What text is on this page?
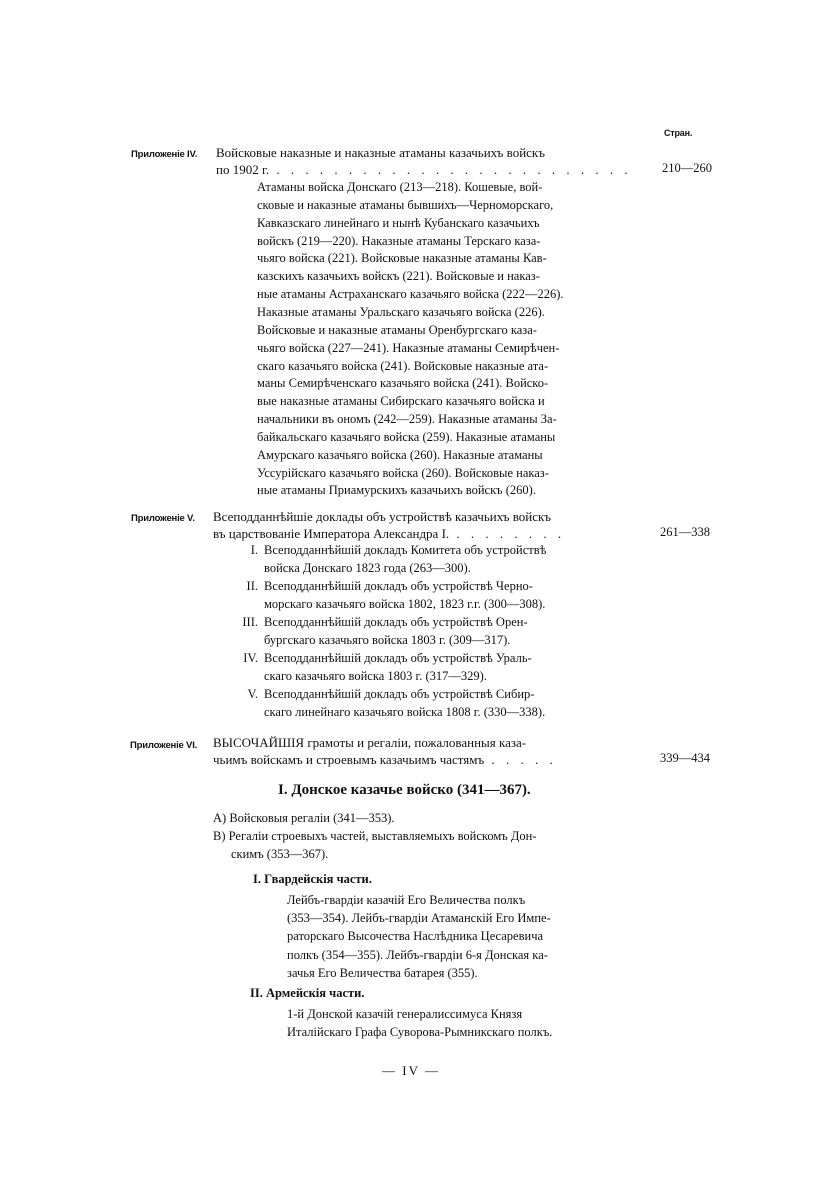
Стран.
Приложеніе IV. Войсковые наказные и наказные атаманы казачьихъ войскъ
по 1902 г. . . . . . . . . . . . . . . . . . . . . . . . . .	210—260
Атаманы войска Донскаго (213—218). Кошевые, вой-
сковые и наказные атаманы бывшихъ—Черноморскаго,
Кавказскаго линейнаго и нынѣ Кубанскаго казачьихъ
войскъ (219—220). Наказные атаманы Терскаго каза-
чьяго войска (221). Войсковые наказные атаманы Кав-
казскихъ казачьихъ войскъ (221). Войсковые и наказ-
ные атаманы Астраханскаго казачьяго войска (222—226).
Наказные атаманы Уральскаго казачьяго войска (226).
Войсковые и наказные атаманы Оренбургскаго каза-
чьяго войска (227—241). Наказные атаманы Семирѣчен-
скаго казачьяго войска (241). Войсковые наказные ата-
маны Семирѣченскаго казачьяго войска (241). Войско-
вые наказные атаманы Сибирскаго казачьяго войска и
начальники въ ономъ (242—259). Наказные атаманы За-
байкальскаго казачьяго войска (259). Наказные атаманы
Амурскаго казачьяго войска (260). Наказные атаманы
Уссурійскаго казачьяго войска (260). Войсковые наказ-
ные атаманы Приамурскихъ казачьихъ войскъ (260).
Приложеніе V. Всеподданнѣйшіе доклады объ устройствѣ казачьихъ войскъ
въ царствованіе Императора Александра I. . . . . . . . .	261—338
I. Всеподданнѣйшій докладъ Комитета объ устройствѣ
войска Донскаго 1823 года (263—300).
II. Всеподданнѣйшій докладъ объ устройствѣ Черно-
морскаго казачьяго войска 1802, 1823 г.г. (300—308).
III. Всеподданнѣйшій докладъ объ устройствѣ Орен-
бургскаго казачьяго войска 1803 г. (309—317).
IV. Всеподданнѣйшій докладъ объ устройствѣ Ураль-
скаго казачьяго войска 1803 г. (317—329).
V. Всеподданнѣйшій докладъ объ устройствѣ Сибир-
скаго линейнаго казачьяго войска 1808 г. (330—338).
Приложеніе VI. ВЫСОЧАЙШІЯ грамоты и регаліи, пожалованныя каза-
чьимъ войскамъ и строевымъ казачьимъ частямъ . . . . .	339—434
I. Донское казачье войско (341—367).
А) Войсковыя регаліи (341—353).
В) Регаліи строевыхъ частей, выставляемыхъ войскомъ Дон-
скимъ (353—367).
I. Гвардейскія части.
Лейбъ-гвардіи казачій Его Величества полкъ
(353—354). Лейбъ-гвардіи Атаманскій Его Импе-
раторскаго Высочества Наслѣдника Цесаревича
полкъ (354—355). Лейбъ-гвардіи 6-я Донская ка-
зачья Его Величества батарея (355).
II. Армейскія части.
1-й Донской казачій генералиссимуса Князя
Италійскаго Графа Суворова-Рымникскаго полкъ.
— IV —
